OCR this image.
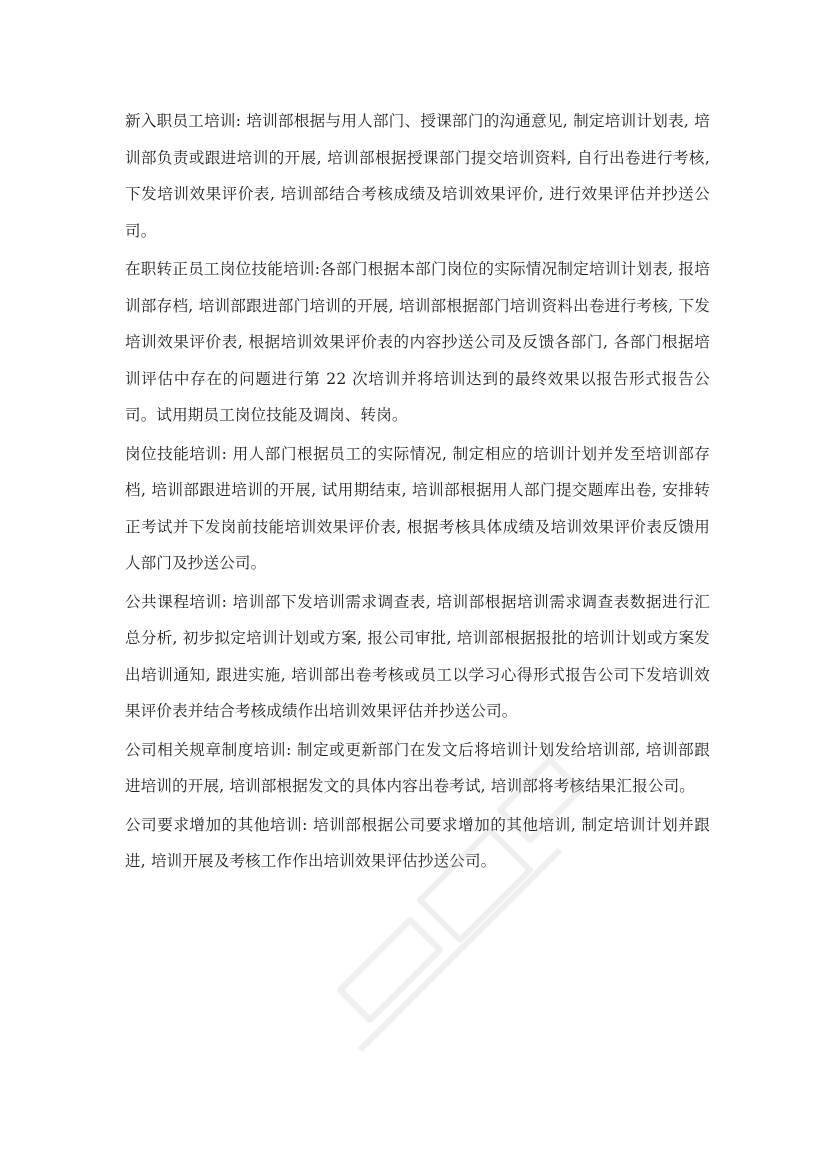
新入职员工培训: 培训部根据与用人部门、授课部门的沟通意见, 制定培训计划表, 培训部负责或跟进培训的开展, 培训部根据授课部门提交培训资料, 自行出卷进行考核, 下发培训效果评价表, 培训部结合考核成绩及培训效果评价, 进行效果评估并抄送公司。

在职转正员工岗位技能培训:各部门根据本部门岗位的实际情况制定培训计划表, 报培训部存档, 培训部跟进部门培训的开展, 培训部根据部门培训资料出卷进行考核, 下发培训效果评价表, 根据培训效果评价表的内容抄送公司及反馈各部门, 各部门根据培训评估中存在的问题进行第 22 次培训并将培训达到的最终效果以报告形式报告公司。试用期员工岗位技能及调岗、转岗。

岗位技能培训: 用人部门根据员工的实际情况, 制定相应的培训计划并发至培训部存档, 培训部跟进培训的开展, 试用期结束, 培训部根据用人部门提交题库出卷, 安排转正考试并下发岗前技能培训效果评价表, 根据考核具体成绩及培训效果评价表反馈用人部门及抄送公司。

公共课程培训: 培训部下发培训需求调查表, 培训部根据培训需求调查表数据进行汇总分析, 初步拟定培训计划或方案, 报公司审批, 培训部根据报批的培训计划或方案发出培训通知, 跟进实施, 培训部出卷考核或员工以学习心得形式报告公司下发培训效果评价表并结合考核成绩作出培训效果评估并抄送公司。

公司相关规章制度培训: 制定或更新部门在发文后将培训计划发给培训部, 培训部跟进培训的开展, 培训部根据发文的具体内容出卷考试, 培训部将考核结果汇报公司。

公司要求增加的其他培训: 培训部根据公司要求增加的其他培训, 制定培训计划并跟进, 培训开展及考核工作作出培训效果评估抄送公司。
